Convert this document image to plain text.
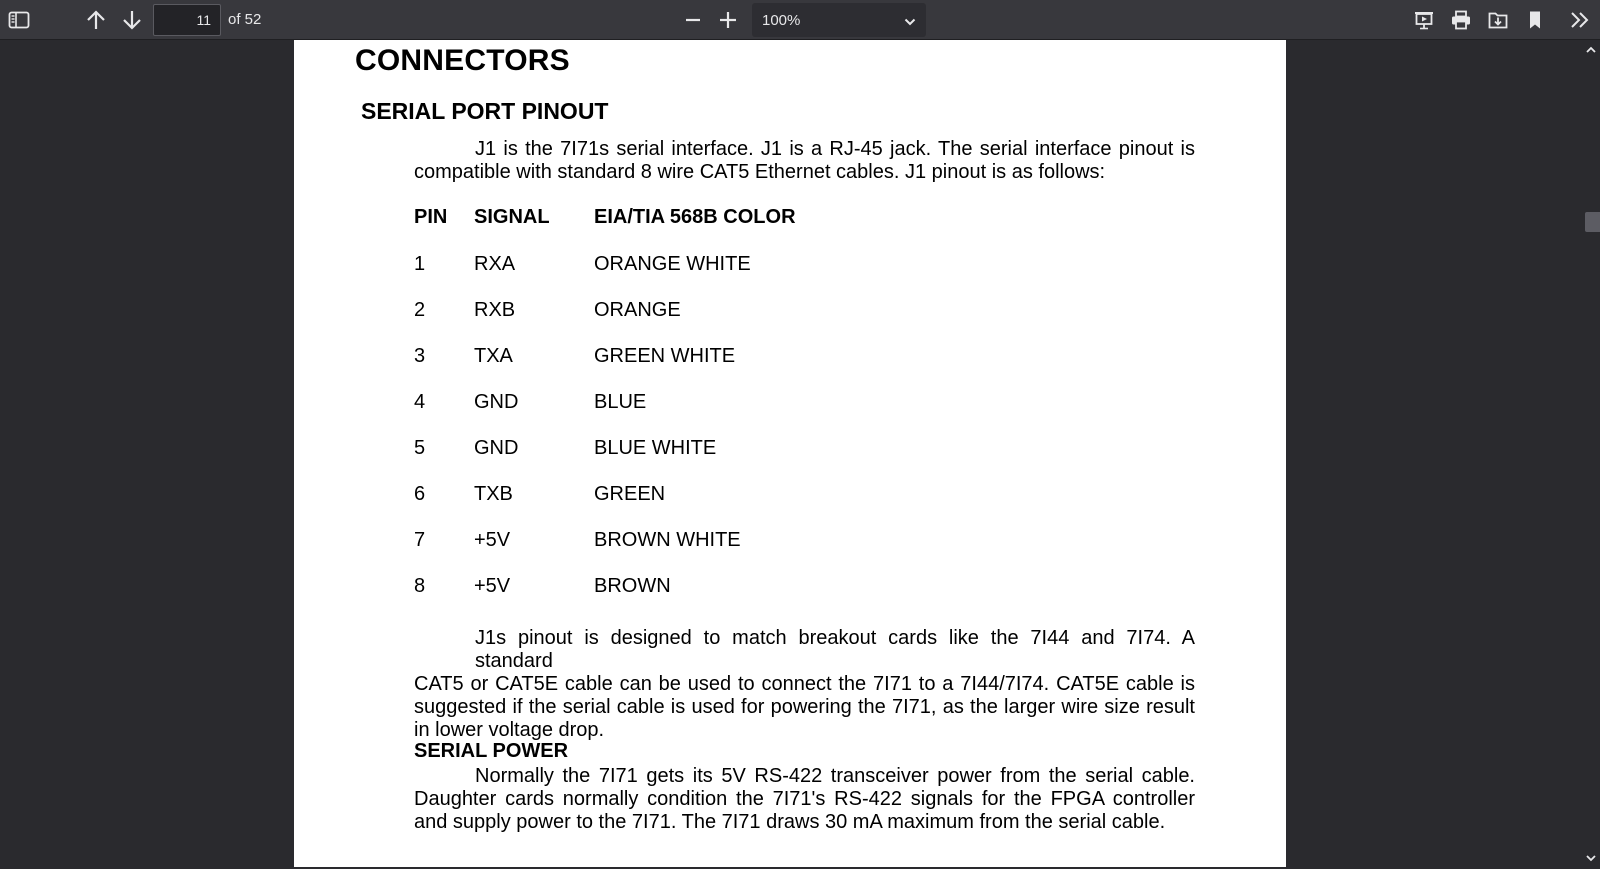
11
of 52	100%
CONNECTORS
SERIAL PORT PINOUT
J1 is the 7I71s serial interface. J1 is a RJ-45 jack. The serial interface pinout is
compatible with standard 8 wire CAT5 Ethernet cables. J1 pinout is as follows:
PIN SIGNAL EIA/TIA 568B COLOR
1 RXA	ORANGE WHITE
2 RXB	ORANGE
3 TXA	GREEN WHITE
4 GND	BLUE
5 GND	BLUE WHITE
6 TXB	GREEN
7 +5V	BROWN WHITE
8 +5V	BROWN
J1s pinout is designed to match breakout cards like the 7I44 and 7I74. A standard
CAT5 or CAT5E cable can be used to connect the 7I71 to a 7I44/7I74. CAT5E cable is suggested if the serial cable is used for powering the 7I71, as the larger wire size result in lower voltage drop.
SERIAL POWER
Normally the 7I71 gets its 5V RS-422 transceiver power from the serial cable.
Daughter cards normally condition the 7I71's RS-422 signals for the FPGA controller and supply power to the 7I71. The 7I71 draws 30 mA maximum from the serial cable.
